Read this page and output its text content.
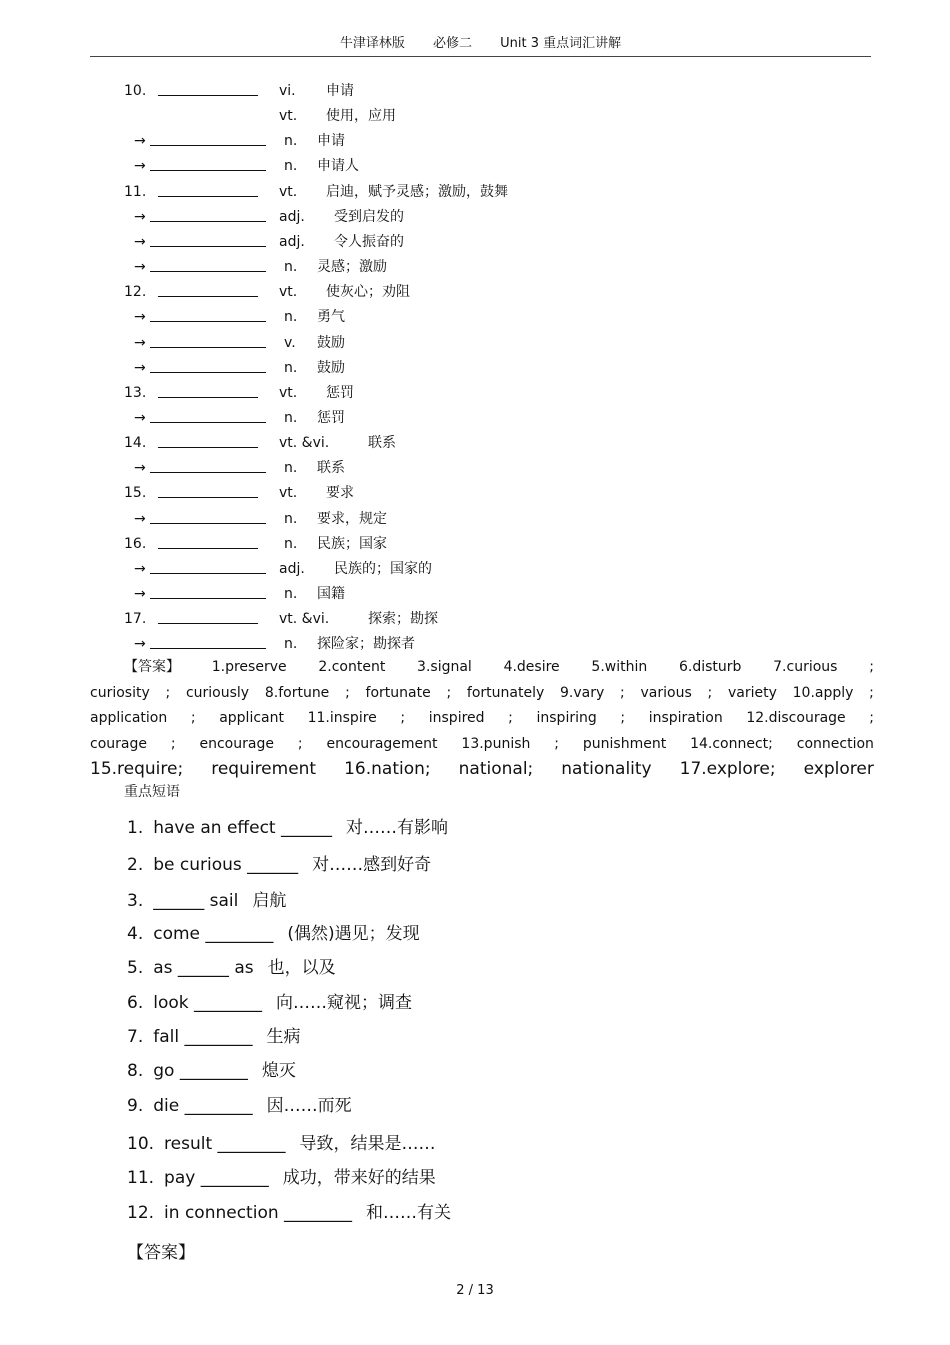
牛津译林版 必修二 Unit 3 重点词汇讲解
10.	vi. 申请
vt. 使用，应用
→	n. 申请
→	n. 申请人
11.	vt. 启迪，赋予灵感；激励，鼓舞
→	adj. 受到启发的
→	adj. 令人振奋的
→	n. 灵感；激励
12.	vt. 使灰心；劝阻
→	n. 勇气
→	v. 鼓励
→	n. 鼓励
13.	vt. 惩罚
→	n. 惩罚
14.	vt. &vi.	联系
→	n. 联系
15.	vt. 要求
→	n. 要求，规定
16.	n. 民族；国家
→	adj. 民族的；国家的
→	n. 国籍
17.	vt. &vi.	探索；勘探
→	n. 探险家；勘探者
【答案】 1.preserve 2.content 3.signal 4.desire 5.within 6.disturb 7.curious ;
curiosity ; curiously 8.fortune ; fortunate ; fortunately 9.vary ; various ; variety 10.apply ;
application ; applicant 11.inspire ; inspired ; inspiring ; inspiration 12.discourage ;
courage ; encourage ; encouragement 13.punish ; punishment 14.connect; connection
15.require; requirement 16.nation; national; nationality 17.explore; explorer
重点短语
1. have an effect ______ 对……有影响
2. be curious ______ 对……感到好奇
3. ______ sail 启航
4. come ________ (偶然)遇见；发现
5. as ______ as 也，以及
6. look ________ 向……窥视；调查
7. fall ________ 生病
8. go ________ 熄灭
9. die ________ 因……而死
10. result ________ 导致，结果是……
11. pay ________ 成功，带来好的结果
12. in connection ________ 和……有关
【答案】
2 / 13
